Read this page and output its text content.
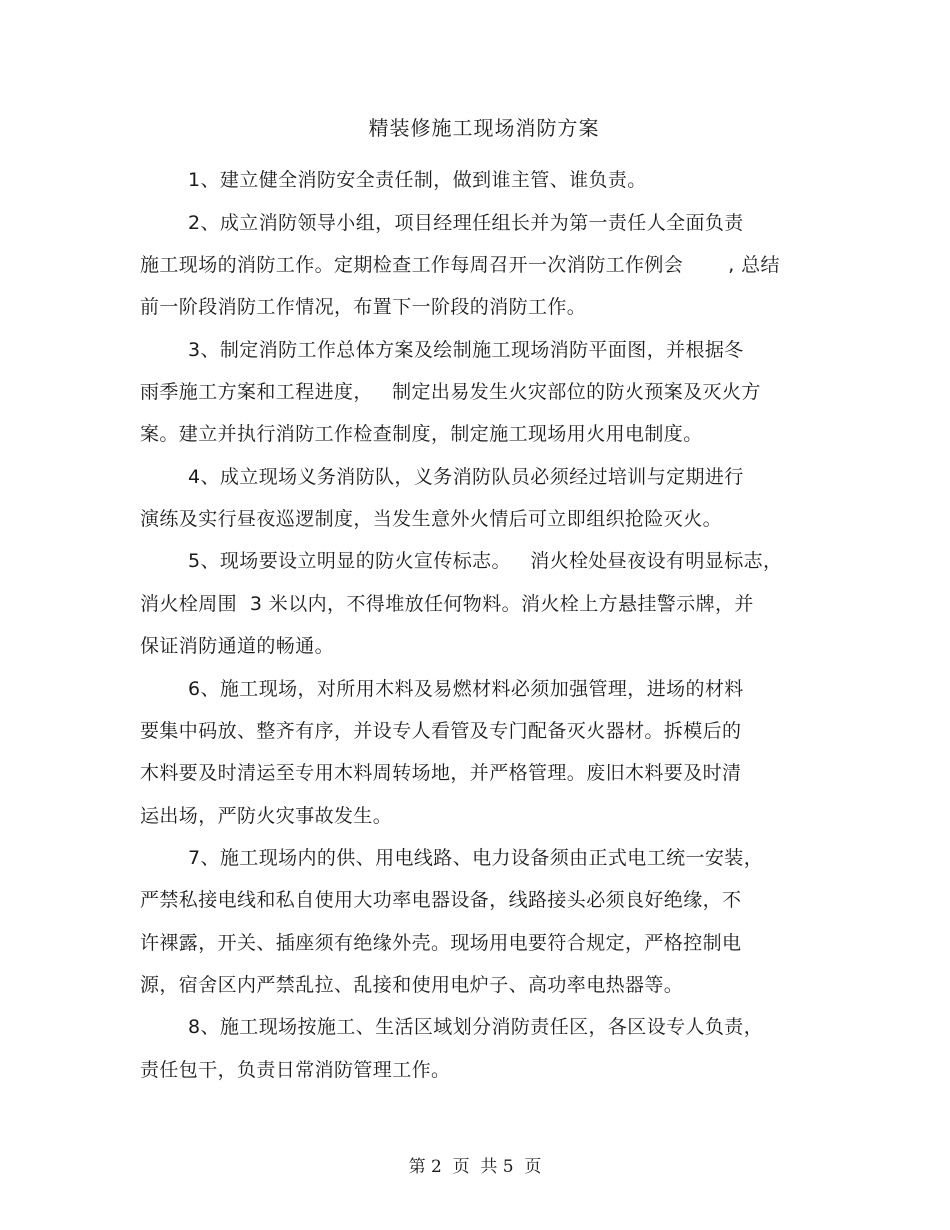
精装修施工现场消防方案
1、建立健全消防安全责任制，做到谁主管、谁负责。
2、成立消防领导小组，项目经理任组长并为第一责任人全面负责
施工现场的消防工作。定期检查工作每周召开一次消防工作例会       , 总结
前一阶段消防工作情况，布置下一阶段的消防工作。
3、制定消防工作总体方案及绘制施工现场消防平面图，并根据冬
雨季施工方案和工程进度，   制定出易发生火灾部位的防火预案及灭火方
案。建立并执行消防工作检查制度，制定施工现场用火用电制度。
4、成立现场义务消防队，义务消防队员必须经过培训与定期进行
演练及实行昼夜巡逻制度，当发生意外火情后可立即组织抢险灭火。
5、现场要设立明显的防火宣传标志。   消火栓处昼夜设有明显标志，
消火栓周围  3 米以内，不得堆放任何物料。消火栓上方悬挂警示牌，并
保证消防通道的畅通。
6、施工现场，对所用木料及易燃材料必须加强管理，进场的材料
要集中码放、整齐有序，并设专人看管及专门配备灭火器材。拆模后的
木料要及时清运至专用木料周转场地，并严格管理。废旧木料要及时清
运出场，严防火灾事故发生。
7、施工现场内的供、用电线路、电力设备须由正式电工统一安装，
严禁私接电线和私自使用大功率电器设备，线路接头必须良好绝缘，不
许裸露，开关、插座须有绝缘外壳。现场用电要符合规定，严格控制电
源，宿舍区内严禁乱拉、乱接和使用电炉子、高功率电热器等。
8、施工现场按施工、生活区域划分消防责任区，各区设专人负责，
责任包干，负责日常消防管理工作。
第 2  页  共 5  页
